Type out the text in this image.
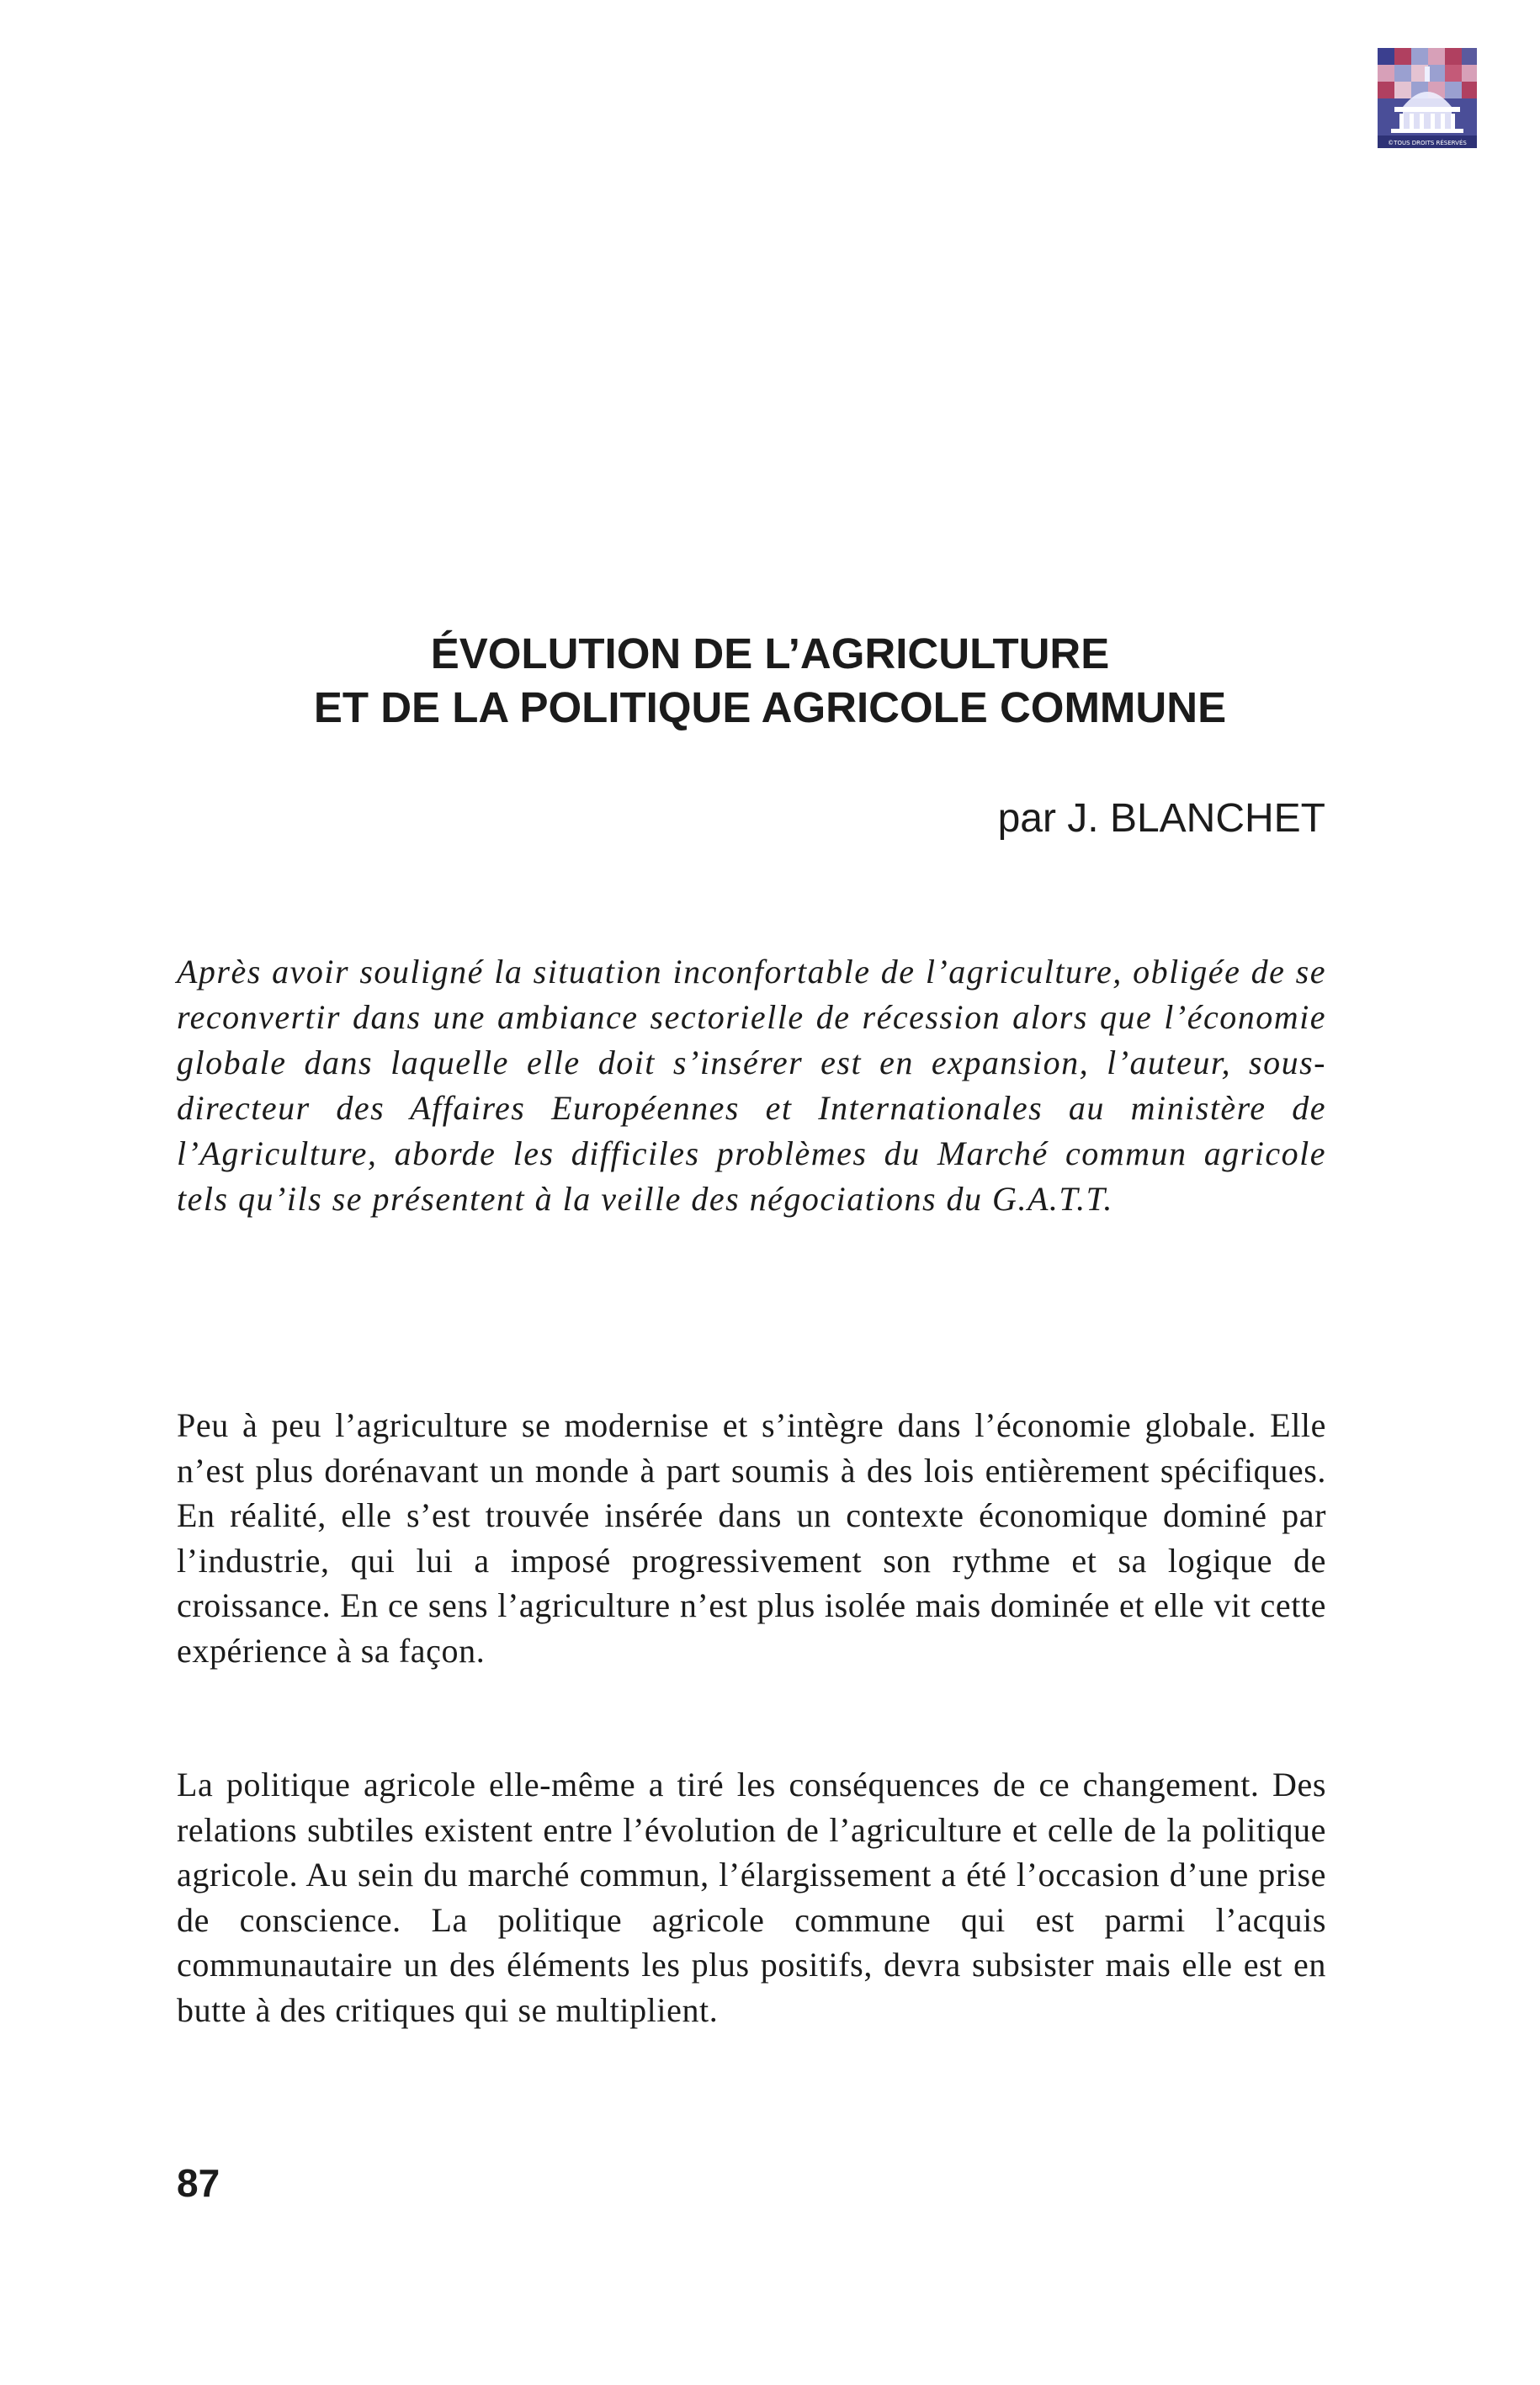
©TOUS DROITS RÉSERVÉS
ÉVOLUTION DE L’AGRICULTURE
ET DE LA POLITIQUE AGRICOLE COMMUNE
par J. BLANCHET

Après avoir souligné la situation inconfortable de l’agriculture, obligée de se reconvertir dans une ambiance sectorielle de récession alors que l’économie globale dans laquelle elle doit s’insérer est en expansion, l’auteur, sous-directeur des Affaires Européennes et Internationales au ministère de l’Agriculture, aborde les difficiles problèmes du Marché commun agricole tels qu’ils se présentent à la veille des négociations du G.A.T.T.

Peu à peu l’agriculture se modernise et s’intègre dans l’économie globale. Elle n’est plus dorénavant un monde à part soumis à des lois entièrement spécifiques. En réalité, elle s’est trouvée insérée dans un contexte économique dominé par l’industrie, qui lui a imposé progressivement son rythme et sa logique de croissance. En ce sens l’agriculture n’est plus isolée mais dominée et elle vit cette expérience à sa façon.

La politique agricole elle-même a tiré les conséquences de ce changement. Des relations subtiles existent entre l’évolution de l’agriculture et celle de la politique agricole. Au sein du marché commun, l’élargissement a été l’occasion d’une prise de conscience. La politique agricole commune qui est parmi l’acquis communautaire un des éléments les plus positifs, devra subsister mais elle est en butte à des critiques qui se multiplient.

87
